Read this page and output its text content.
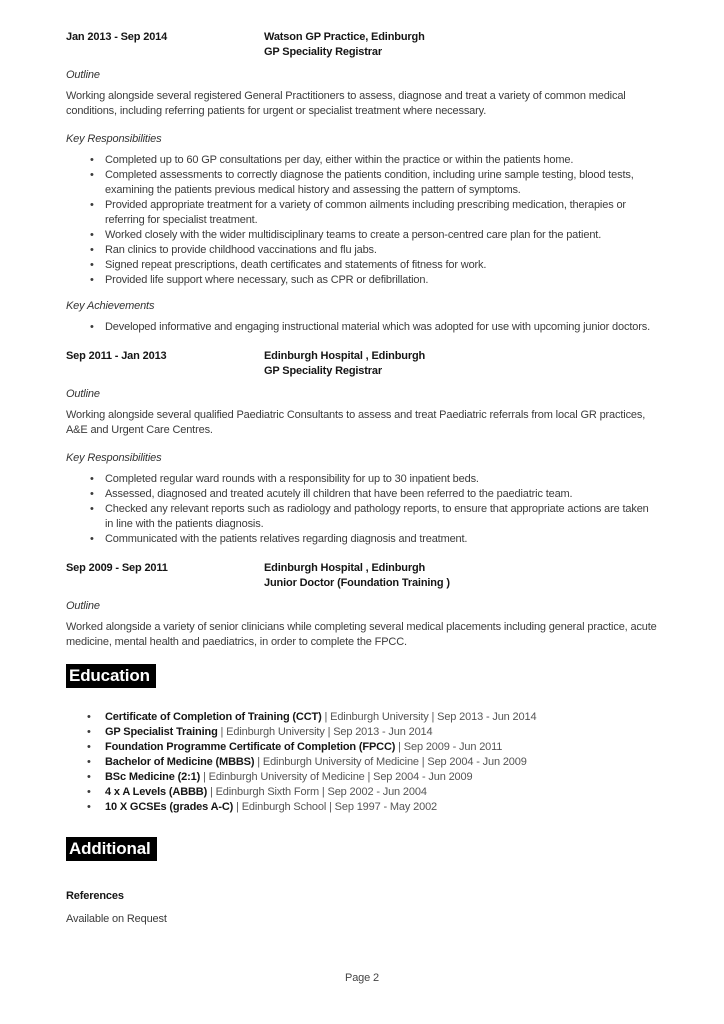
Jan 2013 - Sep 2014	Watson GP Practice, Edinburgh
GP Speciality Registrar

Outline

Working alongside several registered General Practitioners to assess, diagnose and treat a variety of common medical conditions, including referring patients for urgent or specialist treatment where necessary.

Key Responsibilities

• Completed up to 60 GP consultations per day, either within the practice or within the patients home.
• Completed assessments to correctly diagnose the patients condition, including urine sample testing, blood tests, examining the patients previous medical history and assessing the pattern of symptoms.
• Provided appropriate treatment for a variety of common ailments including prescribing medication, therapies or referring for specialist treatment.
• Worked closely with the wider multidisciplinary teams to create a person-centred care plan for the patient.
• Ran clinics to provide childhood vaccinations and flu jabs.
• Signed repeat prescriptions, death certificates and statements of fitness for work.
• Provided life support where necessary, such as CPR or defibrillation.

Key Achievements

• Developed informative and engaging instructional material which was adopted for use with upcoming junior doctors.
Sep 2011 - Jan 2013	Edinburgh Hospital , Edinburgh
GP Speciality Registrar

Outline

Working alongside several qualified Paediatric Consultants to assess and treat Paediatric referrals from local GR practices, A&E and Urgent Care Centres.

Key Responsibilities

• Completed regular ward rounds with a responsibility for up to 30 inpatient beds.
• Assessed, diagnosed and treated acutely ill children that have been referred to the paediatric team.
• Checked any relevant reports such as radiology and pathology reports, to ensure that appropriate actions are taken in line with the patients diagnosis.
• Communicated with the patients relatives regarding diagnosis and treatment.
Sep 2009 - Sep 2011	Edinburgh Hospital , Edinburgh
Junior Doctor (Foundation Training )

Outline

Worked alongside a variety of senior clinicians while completing several medical placements including general practice, acute medicine, mental health and paediatrics, in order to complete the FPCC.

Education
• Certificate of Completion of Training (CCT) | Edinburgh University | Sep 2013 - Jun 2014
• GP Specialist Training | Edinburgh University | Sep 2013 - Jun 2014
• Foundation Programme Certificate of Completion (FPCC) | Sep 2009 - Jun 2011
• Bachelor of Medicine (MBBS) | Edinburgh University of Medicine | Sep 2004 - Jun 2009
• BSc Medicine (2:1) | Edinburgh University of Medicine | Sep 2004 - Jun 2009
• 4 x A Levels (ABBB) | Edinburgh Sixth Form | Sep 2002 - Jun 2004
• 10 X GCSEs (grades A-C) | Edinburgh School | Sep 1997 - May 2002
Additional
References
Available on Request
Page 2
